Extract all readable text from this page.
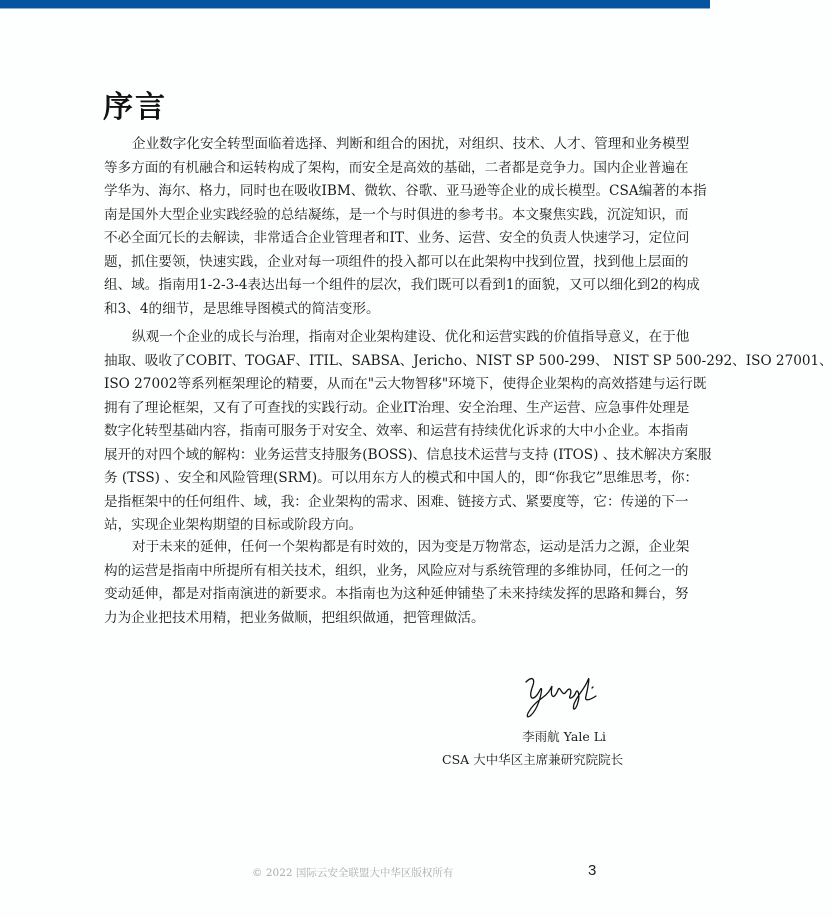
序言
企业数字化安全转型面临着选择、判断和组合的困扰，对组织、技术、人才、管理和业务模型
等多方面的有机融合和运转构成了架构，而安全是高效的基础，二者都是竞争力。国内企业普遍在
学华为、海尔、格力，同时也在吸收IBM、微软、谷歌、亚马逊等企业的成长模型。CSA编著的本指
南是国外大型企业实践经验的总结凝练，是一个与时俱进的参考书。本文聚焦实践，沉淀知识，而
不必全面冗长的去解读，非常适合企业管理者和IT、业务、运营、安全的负责人快速学习，定位问
题，抓住要领，快速实践，企业对每一项组件的投入都可以在此架构中找到位置，找到他上层面的
组、域。指南用1-2-3-4表达出每一个组件的层次，我们既可以看到1的面貌，又可以细化到2的构成
和3、4的细节，是思维导图模式的简洁变形。
纵观一个企业的成长与治理，指南对企业架构建设、优化和运营实践的价值指导意义，在于他
抽取、吸收了COBIT、TOGAF、ITIL、SABSA、Jericho、NIST SP 500-299、 NIST SP 500-292、ISO 27001、
ISO 27002等系列框架理论的精要，从而在"云大物智移"环境下，使得企业架构的高效搭建与运行既
拥有了理论框架，又有了可查找的实践行动。企业IT治理、安全治理、生产运营、应急事件处理是
数字化转型基础内容，指南可服务于对安全、效率、和运营有持续优化诉求的大中小企业。本指南
展开的对四个域的解构：业务运营支持服务(BOSS)、信息技术运营与支持 (ITOS) 、技术解决方案服
务 (TSS) 、安全和风险管理(SRM)。可以用东方人的模式和中国人的，即“你我它”思维思考，你：
是指框架中的任何组件、域，我：企业架构的需求、困难、链接方式、紧要度等，它：传递的下一
站，实现企业架构期望的目标或阶段方向。
对于未来的延伸，任何一个架构都是有时效的，因为变是万物常态，运动是活力之源，企业架
构的运营是指南中所提所有相关技术，组织，业务，风险应对与系统管理的多维协同，任何之一的
变动延伸，都是对指南演进的新要求。本指南也为这种延伸铺垫了未来持续发挥的思路和舞台，努
力为企业把技术用精，把业务做顺，把组织做通，把管理做活。
李雨航 Yale Li
CSA 大中华区主席兼研究院院长
© 2022 国际云安全联盟大中华区版权所有	3
